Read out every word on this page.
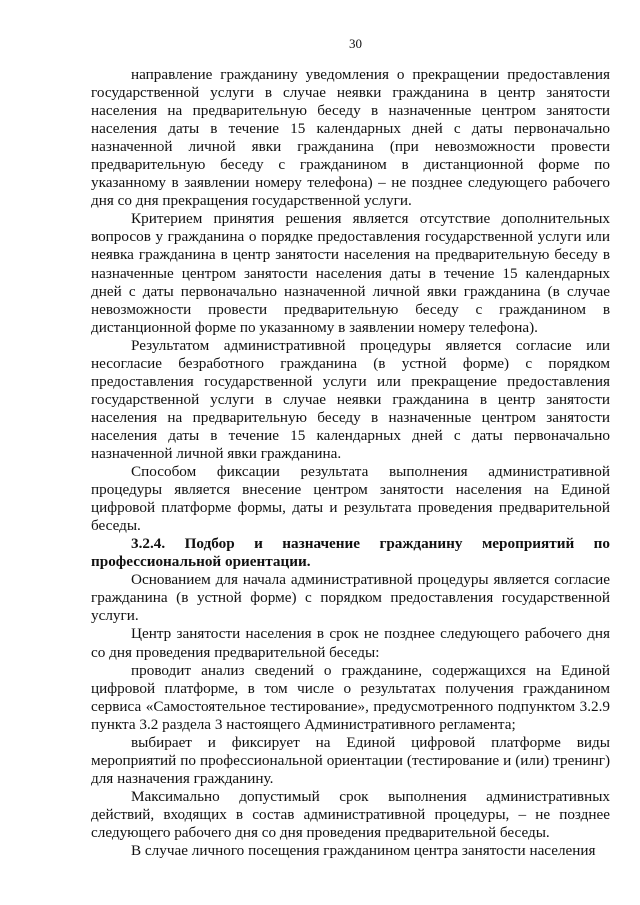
30

направление гражданину уведомления о прекращении предоставления государственной услуги в случае неявки гражданина в центр занятости населения на предварительную беседу в назначенные центром занятости населения даты в течение 15 календарных дней с даты первоначально назначенной личной явки гражданина (при невозможности провести предварительную беседу с гражданином в дистанционной форме по указанному в заявлении номеру телефона) – не позднее следующего рабочего дня со дня прекращения государственной услуги.

Критерием принятия решения является отсутствие дополнительных вопросов у гражданина о порядке предоставления государственной услуги или неявка гражданина в центр занятости населения на предварительную беседу в назначенные центром занятости населения даты в течение 15 календарных дней с даты первоначально назначенной личной явки гражданина (в случае невозможности провести предварительную беседу с гражданином в дистанционной форме по указанному в заявлении номеру телефона).

Результатом административной процедуры является согласие или несогласие безработного гражданина (в устной форме) с порядком предоставления государственной услуги или прекращение предоставления государственной услуги в случае неявки гражданина в центр занятости населения на предварительную беседу в назначенные центром занятости населения даты в течение 15 календарных дней с даты первоначально назначенной личной явки гражданина.

Способом фиксации результата выполнения административной процедуры является внесение центром занятости населения на Единой цифровой платформе формы, даты и результата проведения предварительной беседы.

3.2.4. Подбор и назначение гражданину мероприятий по профессиональной ориентации.

Основанием для начала административной процедуры является согласие гражданина (в устной форме) с порядком предоставления государственной услуги.

Центр занятости населения в срок не позднее следующего рабочего дня со дня проведения предварительной беседы:

проводит анализ сведений о гражданине, содержащихся на Единой цифровой платформе, в том числе о результатах получения гражданином сервиса «Самостоятельное тестирование», предусмотренного подпунктом 3.2.9 пункта 3.2 раздела 3 настоящего Административного регламента;

выбирает и фиксирует на Единой цифровой платформе виды мероприятий по профессиональной ориентации (тестирование и (или) тренинг) для назначения гражданину.

Максимально допустимый срок выполнения административных действий, входящих в состав административной процедуры, – не позднее следующего рабочего дня со дня проведения предварительной беседы.

В случае личного посещения гражданином центра занятости населения
